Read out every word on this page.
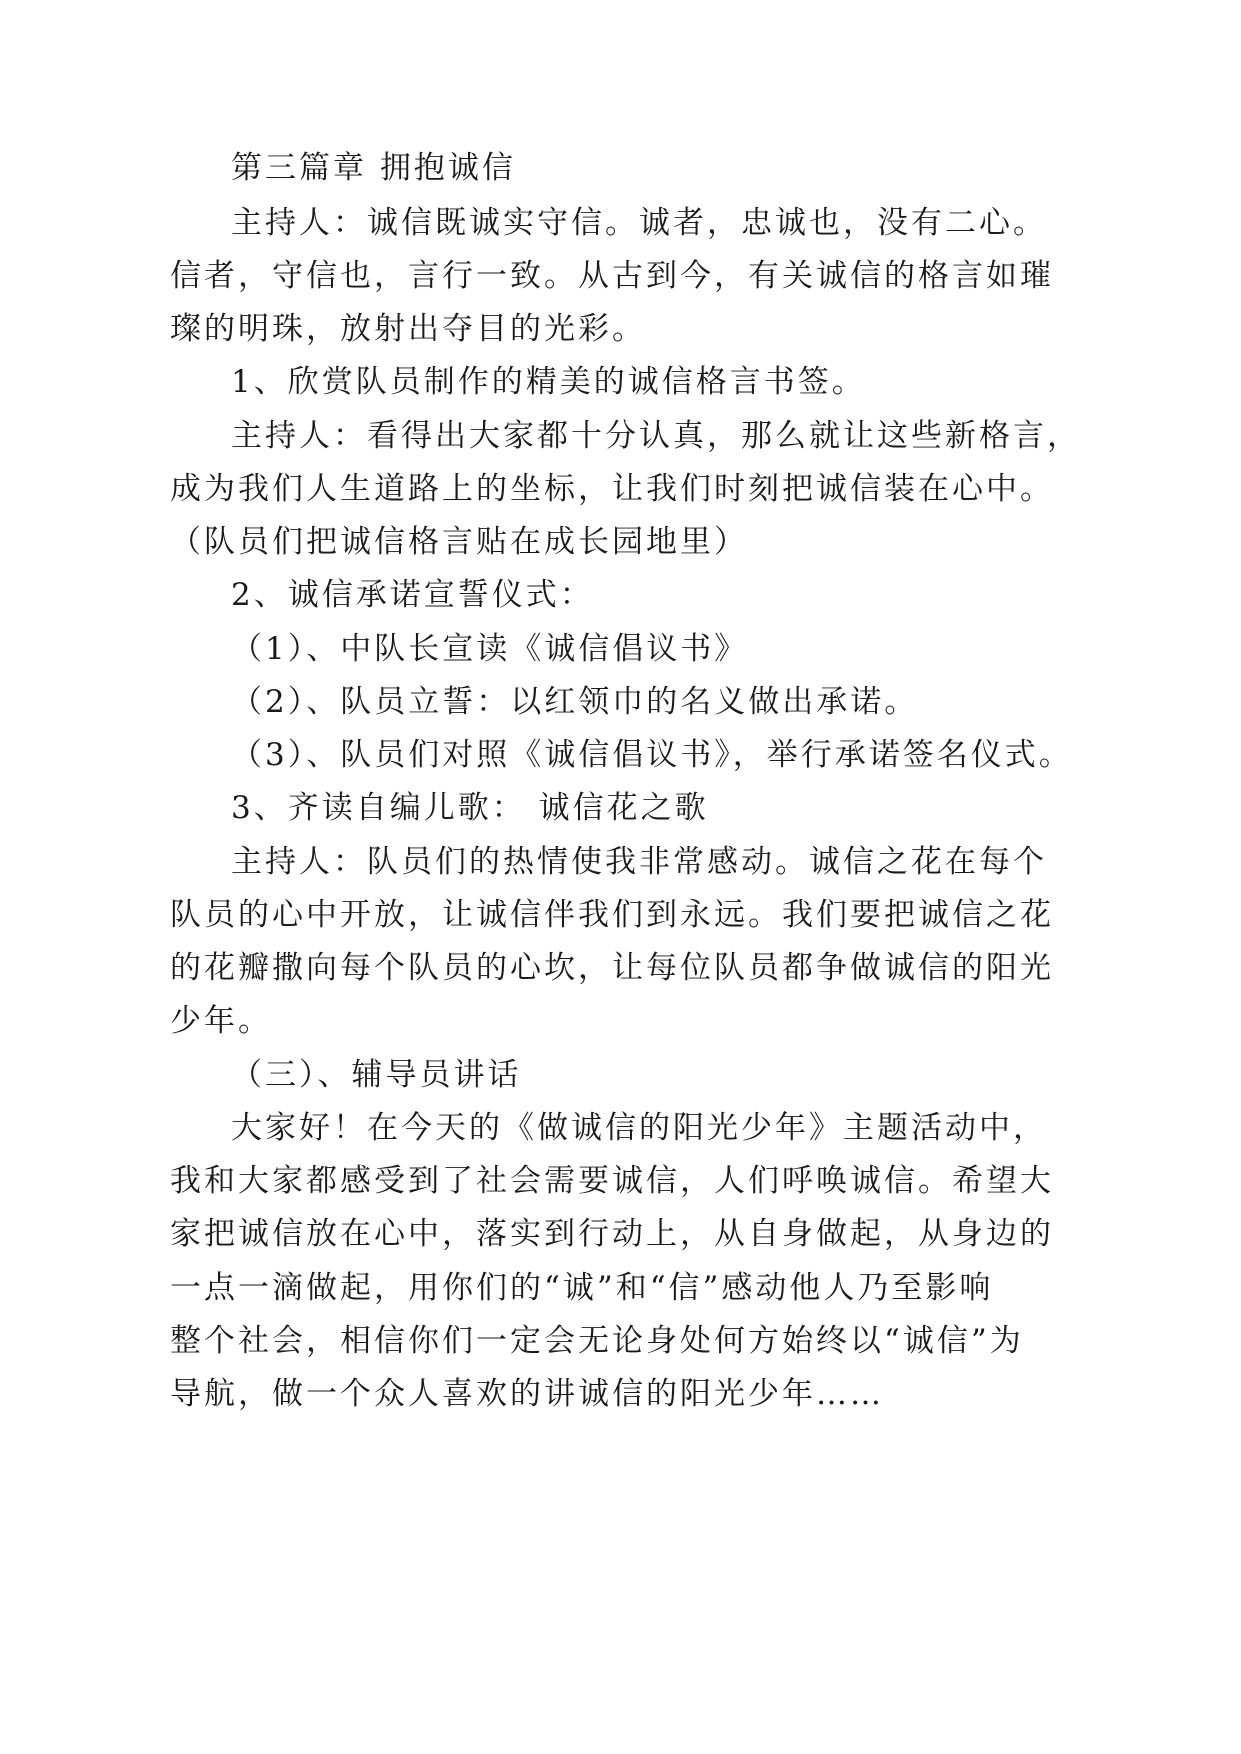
第三篇章 拥抱诚信
主持人：诚信既诚实守信。诚者，忠诚也，没有二心。
信者，守信也，言行一致。从古到今，有关诚信的格言如璀
璨的明珠，放射出夺目的光彩。
1、欣赏队员制作的精美的诚信格言书签。
主持人：看得出大家都十分认真，那么就让这些新格言，
成为我们人生道路上的坐标，让我们时刻把诚信装在心中。
（队员们把诚信格言贴在成长园地里）
2、诚信承诺宣誓仪式：
（1）、中队长宣读《诚信倡议书》
（2）、队员立誓：以红领巾的名义做出承诺。
（3）、队员们对照《诚信倡议书》，举行承诺签名仪式。
3、齐读自编儿歌： 诚信花之歌
主持人：队员们的热情使我非常感动。诚信之花在每个
队员的心中开放，让诚信伴我们到永远。我们要把诚信之花
的花瓣撒向每个队员的心坎，让每位队员都争做诚信的阳光
少年。
（三）、辅导员讲话
大家好！在今天的《做诚信的阳光少年》主题活动中，
我和大家都感受到了社会需要诚信，人们呼唤诚信。希望大
家把诚信放在心中，落实到行动上，从自身做起，从身边的
一点一滴做起，用你们的“诚”和“信”感动他人乃至影响
整个社会，相信你们一定会无论身处何方始终以“诚信”为
导航，做一个众人喜欢的讲诚信的阳光少年……
